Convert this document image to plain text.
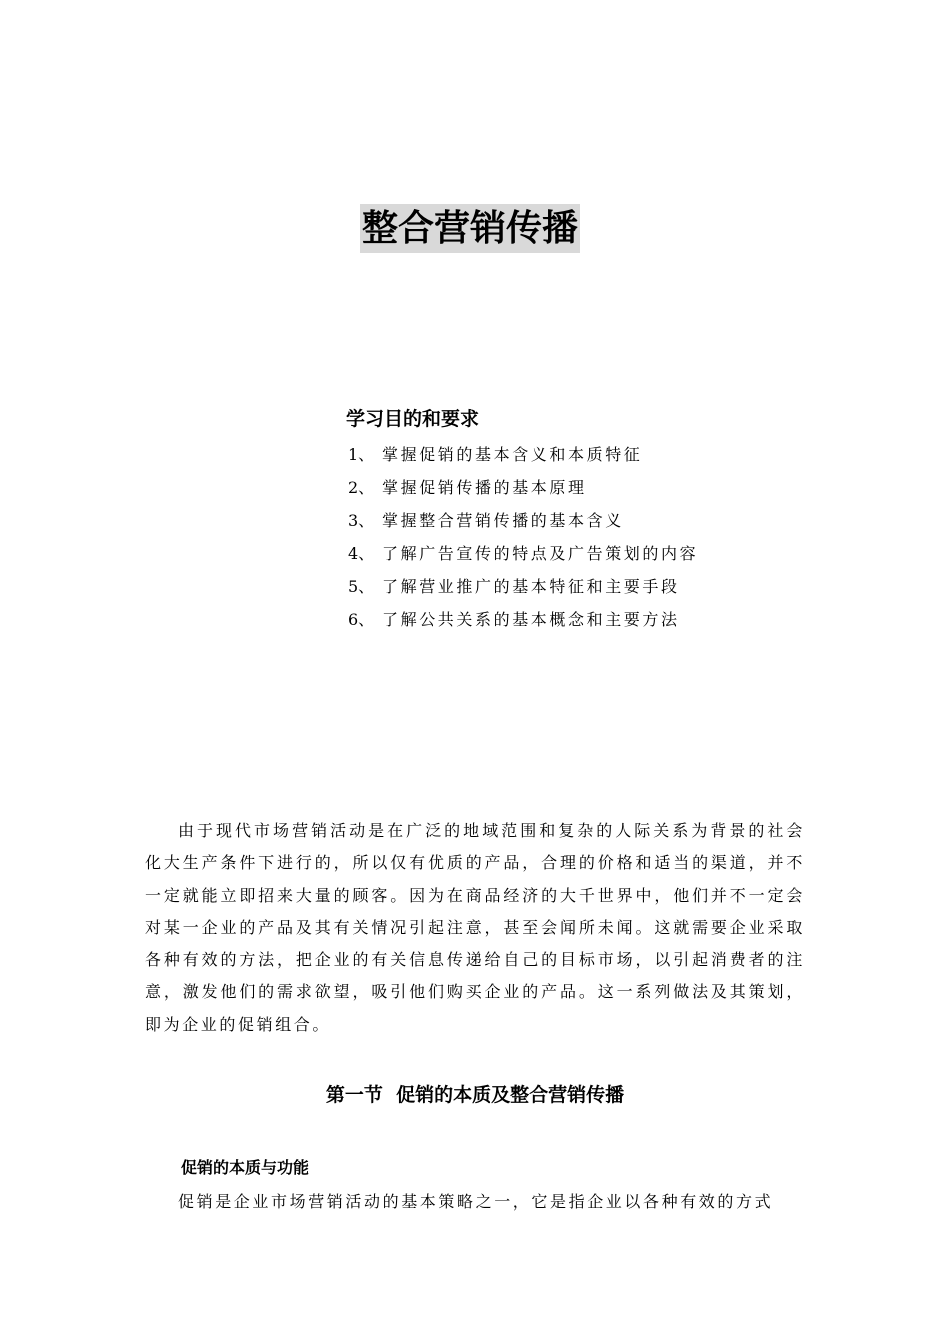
整合营销传播
学习目的和要求
1、 掌握促销的基本含义和本质特征
2、 掌握促销传播的基本原理
3、 掌握整合营销传播的基本含义
4、 了解广告宣传的特点及广告策划的内容
5、 了解营业推广的基本特征和主要手段
6、 了解公共关系的基本概念和主要方法

由于现代市场营销活动是在广泛的地域范围和复杂的人际关系为背景的社会化大生产条件下进行的，所以仅有优质的产品，合理的价格和适当的渠道，并不一定就能立即招来大量的顾客。因为在商品经济的大千世界中，他们并不一定会对某一企业的产品及其有关情况引起注意，甚至会闻所未闻。这就需要企业采取各种有效的方法，把企业的有关信息传递给自己的目标市场，以引起消费者的注意，激发他们的需求欲望，吸引他们购买企业的产品。这一系列做法及其策划，即为企业的促销组合。

第一节  促销的本质及整合营销传播
促销的本质与功能

促销是企业市场营销活动的基本策略之一，它是指企业以各种有效的方式
